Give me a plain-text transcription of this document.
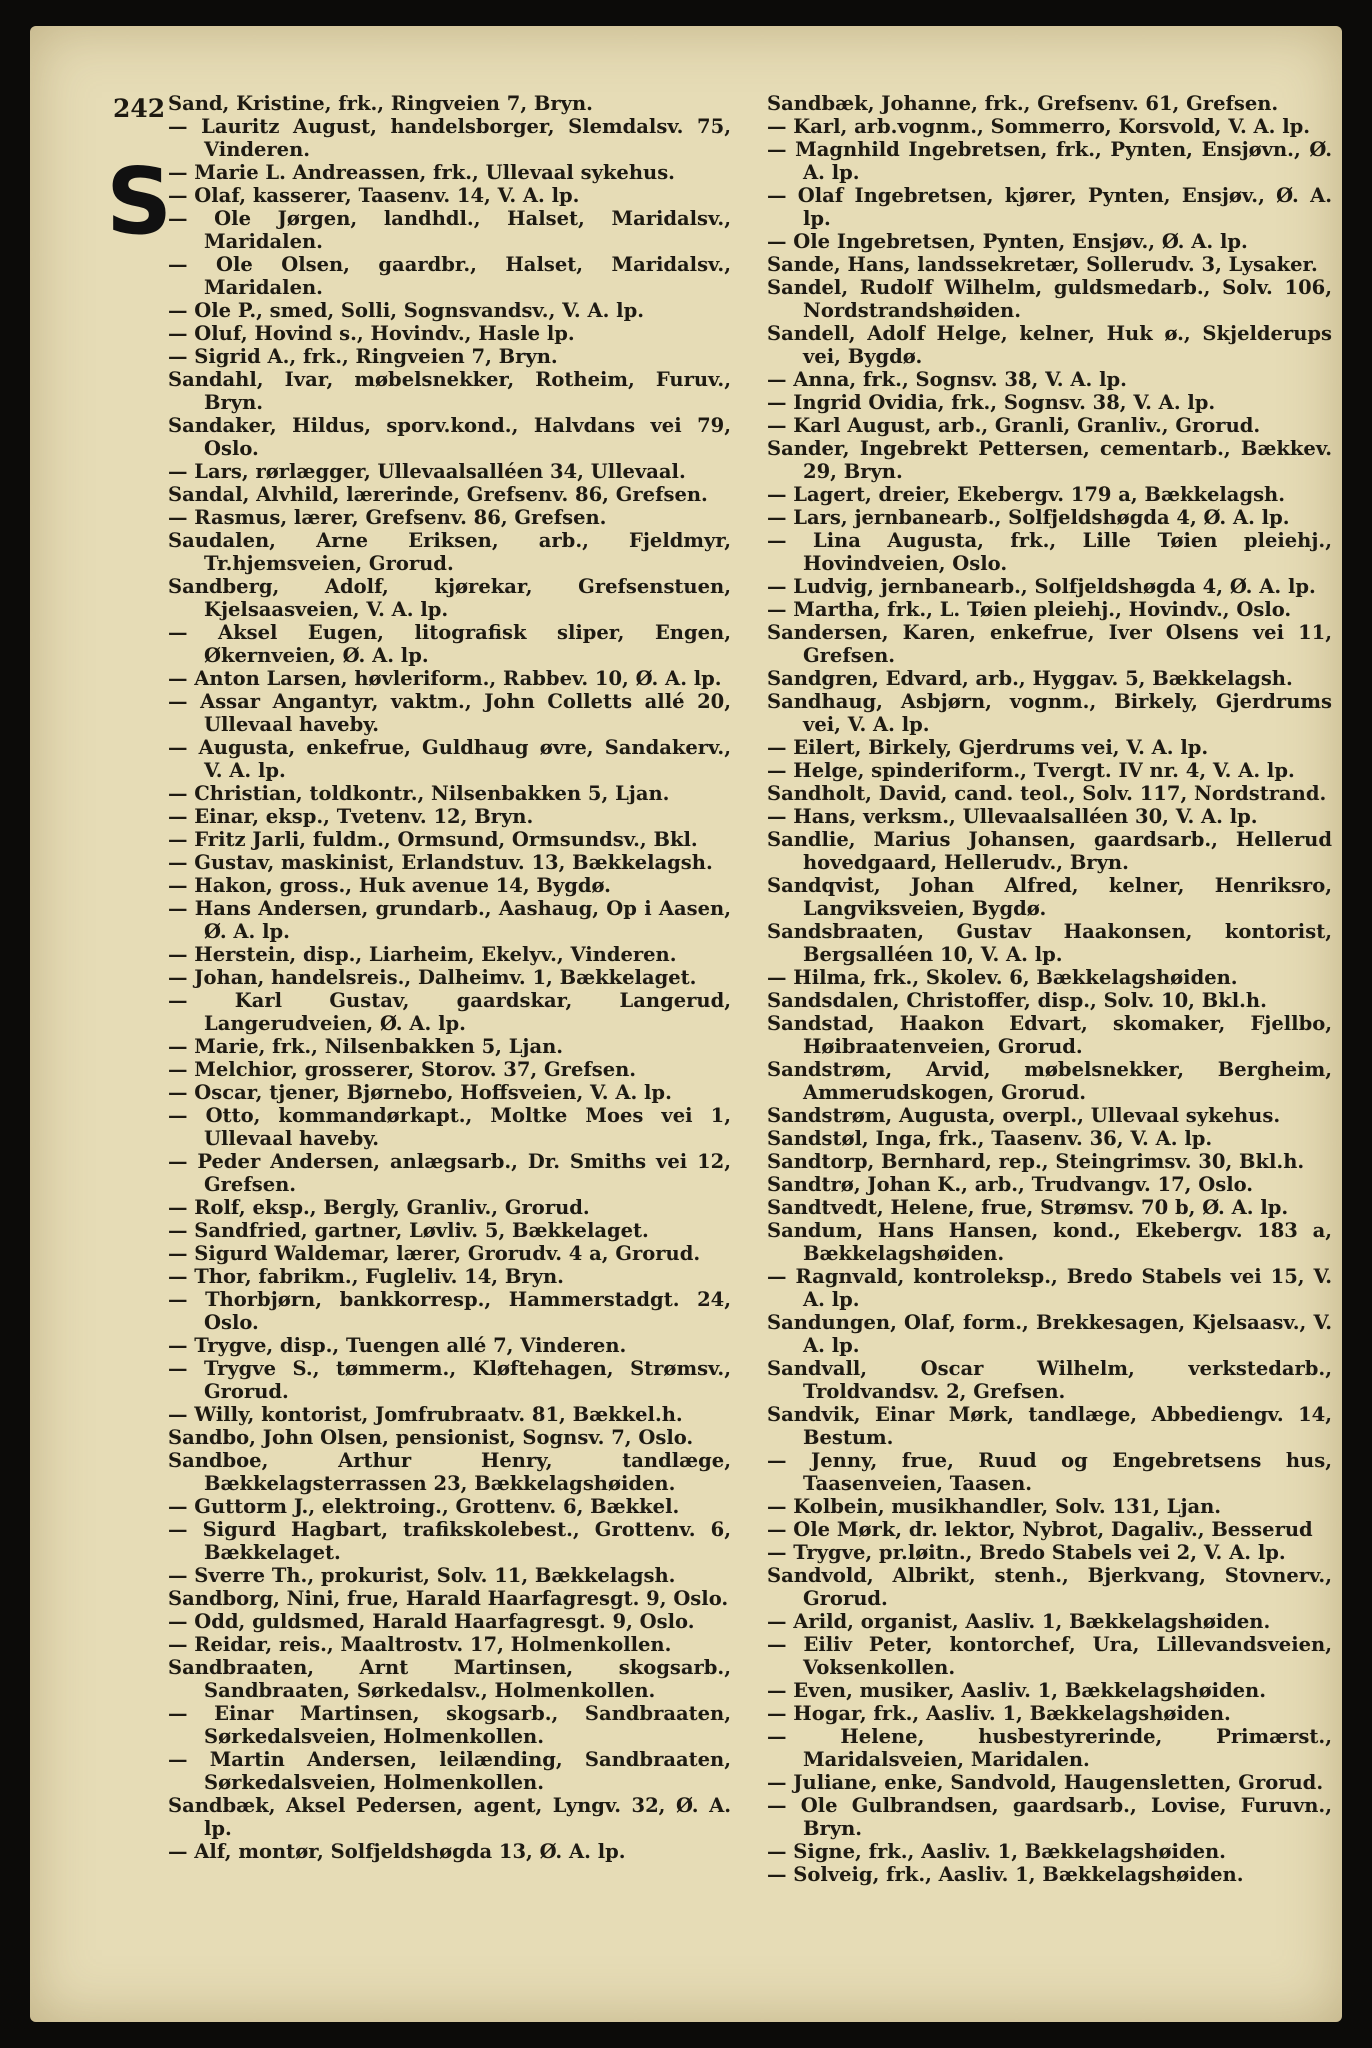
242
S
Sand, Kristine, frk., Ringveien 7, Bryn.
— Lauritz August, handelsborger, Slemdalsv. 75, Vinderen.
— Marie L. Andreassen, frk., Ullevaal sykehus.
— Olaf, kasserer, Taasenv. 14, V. A. lp.
— Ole Jørgen, landhdl., Halset, Maridalsv., Maridalen.
— Ole Olsen, gaardbr., Halset, Maridalsv., Maridalen.
— Ole P., smed, Solli, Sognsvandsv., V. A. lp.
— Oluf, Hovind s., Hovindv., Hasle lp.
— Sigrid A., frk., Ringveien 7, Bryn.
Sandahl, Ivar, møbelsnekker, Rotheim, Furuv., Bryn.
Sandaker, Hildus, sporv.kond., Halvdans vei 79, Oslo.
— Lars, rørlægger, Ullevaalsalléen 34, Ullevaal.
Sandal, Alvhild, lærerinde, Grefsenv. 86, Grefsen.
— Rasmus, lærer, Grefsenv. 86, Grefsen.
Saudalen, Arne Eriksen, arb., Fjeldmyr, Tr.hjemsveien, Grorud.
Sandberg, Adolf, kjørekar, Grefsenstuen, Kjelsaasveien, V. A. lp.
— Aksel Eugen, litografisk sliper, Engen, Økernveien, Ø. A. lp.
— Anton Larsen, høvleriform., Rabbev. 10, Ø. A. lp.
— Assar Angantyr, vaktm., John Colletts allé 20, Ullevaal haveby.
— Augusta, enkefrue, Guldhaug øvre, Sandakerv., V. A. lp.
— Christian, toldkontr., Nilsenbakken 5, Ljan.
— Einar, eksp., Tvetenv. 12, Bryn.
— Fritz Jarli, fuldm., Ormsund, Ormsundsv., Bkl.
— Gustav, maskinist, Erlandstuv. 13, Bækkelagsh.
— Hakon, gross., Huk avenue 14, Bygdø.
— Hans Andersen, grundarb., Aashaug, Op i Aasen, Ø. A. lp.
— Herstein, disp., Liarheim, Ekelyv., Vinderen.
— Johan, handelsreis., Dalheimv. 1, Bækkelaget.
— Karl Gustav, gaardskar, Langerud, Langerudveien, Ø. A. lp.
— Marie, frk., Nilsenbakken 5, Ljan.
— Melchior, grosserer, Storov. 37, Grefsen.
— Oscar, tjener, Bjørnebo, Hoffsveien, V. A. lp.
— Otto, kommandørkapt., Moltke Moes vei 1, Ullevaal haveby.
— Peder Andersen, anlægsarb., Dr. Smiths vei 12, Grefsen.
— Rolf, eksp., Bergly, Granliv., Grorud.
— Sandfried, gartner, Løvliv. 5, Bækkelaget.
— Sigurd Waldemar, lærer, Grorudv. 4 a, Grorud.
— Thor, fabrikm., Fugleliv. 14, Bryn.
— Thorbjørn, bankkorresp., Hammerstadgt. 24, Oslo.
— Trygve, disp., Tuengen allé 7, Vinderen.
— Trygve S., tømmerm., Kløftehagen, Strømsv., Grorud.
— Willy, kontorist, Jomfrubraatv. 81, Bækkel.h.
Sandbo, John Olsen, pensionist, Sognsv. 7, Oslo.
Sandboe, Arthur Henry, tandlæge, Bækkelagsterrassen 23, Bækkelagshøiden.
— Guttorm J., elektroing., Grottenv. 6, Bækkel.
— Sigurd Hagbart, trafikskolebest., Grottenv. 6, Bækkelaget.
— Sverre Th., prokurist, Solv. 11, Bækkelagsh.
Sandborg, Nini, frue, Harald Haarfagresgt. 9, Oslo.
— Odd, guldsmed, Harald Haarfagresgt. 9, Oslo.
— Reidar, reis., Maaltrostv. 17, Holmenkollen.
Sandbraaten, Arnt Martinsen, skogsarb., Sandbraaten, Sørkedalsv., Holmenkollen.
— Einar Martinsen, skogsarb., Sandbraaten, Sørkedalsveien, Holmenkollen.
— Martin Andersen, leilænding, Sandbraaten, Sørkedalsveien, Holmenkollen.
Sandbæk, Aksel Pedersen, agent, Lyngv. 32, Ø. A. lp.
— Alf, montør, Solfjeldshøgda 13, Ø. A. lp.
Sandbæk, Johanne, frk., Grefsenv. 61, Grefsen.
— Karl, arb.vognm., Sommerro, Korsvold, V. A. lp.
— Magnhild Ingebretsen, frk., Pynten, Ensjøvn., Ø. A. lp.
— Olaf Ingebretsen, kjører, Pynten, Ensjøv., Ø. A. lp.
— Ole Ingebretsen, Pynten, Ensjøv., Ø. A. lp.
Sande, Hans, landssekretær, Sollerudv. 3, Lysaker.
Sandel, Rudolf Wilhelm, guldsmedarb., Solv. 106, Nordstrandshøiden.
Sandell, Adolf Helge, kelner, Huk ø., Skjelderups vei, Bygdø.
— Anna, frk., Sognsv. 38, V. A. lp.
— Ingrid Ovidia, frk., Sognsv. 38, V. A. lp.
— Karl August, arb., Granli, Granliv., Grorud.
Sander, Ingebrekt Pettersen, cementarb., Bækkev. 29, Bryn.
— Lagert, dreier, Ekebergv. 179 a, Bækkelagsh.
— Lars, jernbanearb., Solfjeldshøgda 4, Ø. A. lp.
— Lina Augusta, frk., Lille Tøien pleiehj., Hovindveien, Oslo.
— Ludvig, jernbanearb., Solfjeldshøgda 4, Ø. A. lp.
— Martha, frk., L. Tøien pleiehj., Hovindv., Oslo.
Sandersen, Karen, enkefrue, Iver Olsens vei 11, Grefsen.
Sandgren, Edvard, arb., Hyggav. 5, Bækkelagsh.
Sandhaug, Asbjørn, vognm., Birkely, Gjerdrums vei, V. A. lp.
— Eilert, Birkely, Gjerdrums vei, V. A. lp.
— Helge, spinderiform., Tvergt. IV nr. 4, V. A. lp.
Sandholt, David, cand. teol., Solv. 117, Nordstrand.
— Hans, verksm., Ullevaalsalléen 30, V. A. lp.
Sandlie, Marius Johansen, gaardsarb., Hellerud hovedgaard, Hellerudv., Bryn.
Sandqvist, Johan Alfred, kelner, Henriksro, Langviksveien, Bygdø.
Sandsbraaten, Gustav Haakonsen, kontorist, Bergsalléen 10, V. A. lp.
— Hilma, frk., Skolev. 6, Bækkelagshøiden.
Sandsdalen, Christoffer, disp., Solv. 10, Bkl.h.
Sandstad, Haakon Edvart, skomaker, Fjellbo, Høibraatenveien, Grorud.
Sandstrøm, Arvid, møbelsnekker, Bergheim, Ammerudskogen, Grorud.
Sandstrøm, Augusta, overpl., Ullevaal sykehus.
Sandstøl, Inga, frk., Taasenv. 36, V. A. lp.
Sandtorp, Bernhard, rep., Steingrimsv. 30, Bkl.h.
Sandtrø, Johan K., arb., Trudvangv. 17, Oslo.
Sandtvedt, Helene, frue, Strømsv. 70 b, Ø. A. lp.
Sandum, Hans Hansen, kond., Ekebergv. 183 a, Bækkelagshøiden.
— Ragnvald, kontroleksp., Bredo Stabels vei 15, V. A. lp.
Sandungen, Olaf, form., Brekkesagen, Kjelsaasv., V. A. lp.
Sandvall, Oscar Wilhelm, verkstedarb., Troldvandsv. 2, Grefsen.
Sandvik, Einar Mørk, tandlæge, Abbediengv. 14, Bestum.
— Jenny, frue, Ruud og Engebretsens hus, Taasenveien, Taasen.
— Kolbein, musikhandler, Solv. 131, Ljan.
— Ole Mørk, dr. lektor, Nybrot, Dagaliv., Besserud
— Trygve, pr.løitn., Bredo Stabels vei 2, V. A. lp.
Sandvold, Albrikt, stenh., Bjerkvang, Stovnerv., Grorud.
— Arild, organist, Aasliv. 1, Bækkelagshøiden.
— Eiliv Peter, kontorchef, Ura, Lillevandsveien, Voksenkollen.
— Even, musiker, Aasliv. 1, Bækkelagshøiden.
— Hogar, frk., Aasliv. 1, Bækkelagshøiden.
— Helene, husbestyrerinde, Primærst., Maridalsveien, Maridalen.
— Juliane, enke, Sandvold, Haugensletten, Grorud.
— Ole Gulbrandsen, gaardsarb., Lovise, Furuvn., Bryn.
— Signe, frk., Aasliv. 1, Bækkelagshøiden.
— Solveig, frk., Aasliv. 1, Bækkelagshøiden.
